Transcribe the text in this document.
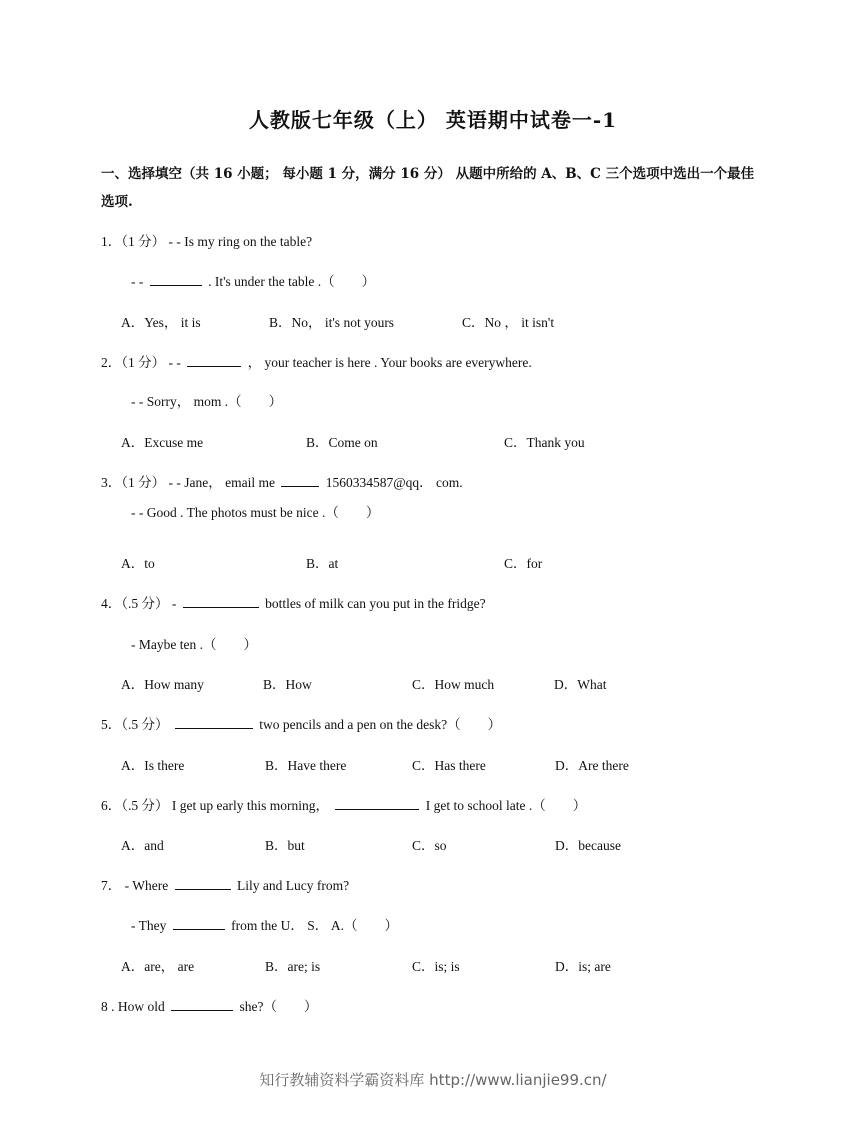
人教版七年级（上） 英语期中试卷一-1
一、选择填空（共 16 小题； 每小题 1 分，满分 16 分） 从题中所给的 A、B、C 三个选项中选出一个最佳选项.
1．（1 分） - - Is my ring on the table?
- -	. It's under the table .（　　）
A．Yes， it is	B．No， it's not yours	C．No ， it isn't
2．（1 分） - -	， your teacher is here . Your books are everywhere.
- - Sorry， mom .（　　）
A．Excuse me	B．Come on	C．Thank you
3．（1 分） - - Jane， email me	1560334587@qq． com.
- - Good . The photos must be nice .（　　）
A．to	B．at	C．for
4．（.5 分） -	bottles of milk can you put in the fridge?
- Maybe ten .（　　）
A．How many	B．How	C．How much	D．What
5．（.5 分）	two pencils and a pen on the desk?（　　）
A．Is there	B．Have there	C．Has there	D．Are there
6．（.5 分） I get up early this morning，	I get to school late .（　　）
A．and	B．but	C．so	D．because
7． - Where	Lily and Lucy from?
- They	from the U． S． A.（　　）
A．are， are	B．are; is	C．is; is	D．is; are
8 . How old	she?（　　）
知行教辅资料学霸资料库 http://www.lianjie99.cn/
